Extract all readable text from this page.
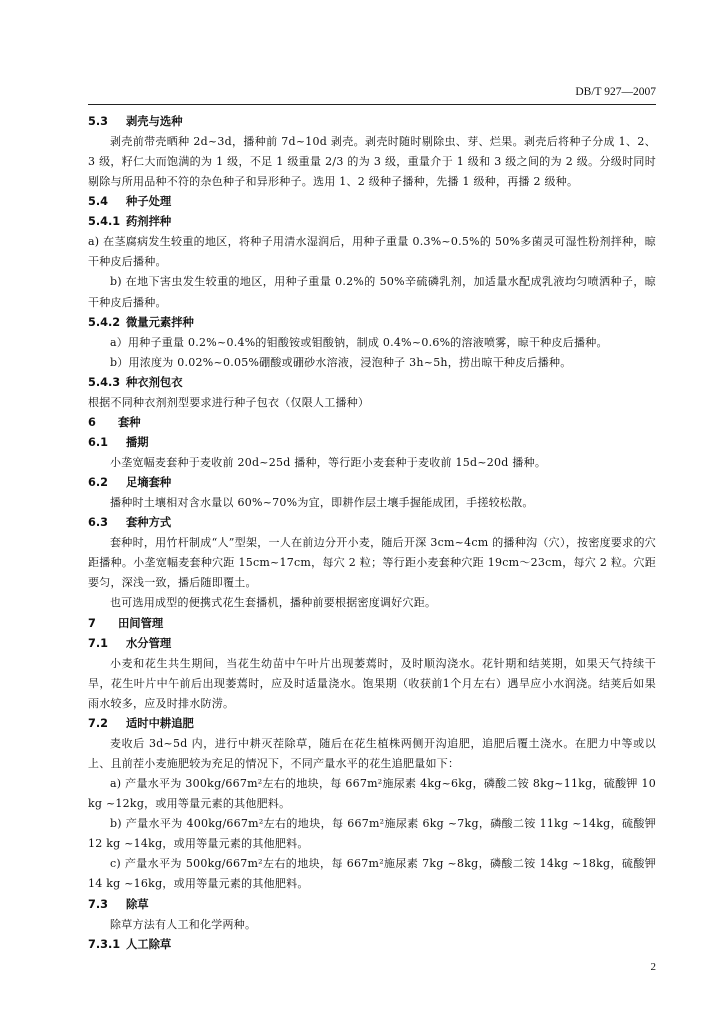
DB/T 927—2007
5.3 剥壳与选种

剥壳前带壳晒种 2d~3d，播种前 7d~10d 剥壳。剥壳时随时剔除虫、芽、烂果。剥壳后将种子分成 1、2、3 级，籽仁大而饱满的为 1 级，不足 1 级重量 2/3 的为 3 级，重量介于 1 级和 3 级之间的为 2 级。分级时同时剔除与所用品种不符的杂色种子和异形种子。选用 1、2 级种子播种，先播 1 级种，再播 2 级种。

5.4 种子处理
5.4.1 药剂拌种

a) 在茎腐病发生较重的地区，将种子用清水湿润后，用种子重量 0.3%~0.5%的 50%多菌灵可湿性粉剂拌种，晾干种皮后播种。

b) 在地下害虫发生较重的地区，用种子重量 0.2%的 50%辛硫磷乳剂，加适量水配成乳液均匀喷洒种子，晾干种皮后播种。

5.4.2 微量元素拌种

a）用种子重量 0.2%~0.4%的钼酸铵或钼酸钠，制成 0.4%~0.6%的溶液喷雾，晾干种皮后播种。

b）用浓度为 0.02%~0.05%硼酸或硼砂水溶液，浸泡种子 3h~5h，捞出晾干种皮后播种。

5.4.3 种衣剂包衣

根据不同种衣剂剂型要求进行种子包衣（仅限人工播种）

6 套种
6.1 播期

小垄宽幅麦套种于麦收前 20d~25d 播种，等行距小麦套种于麦收前 15d~20d 播种。

6.2 足墒套种

播种时土壤相对含水量以 60%~70%为宜，即耕作层土壤手握能成团，手搓较松散。

6.3 套种方式

套种时，用竹杆制成“人”型架，一人在前边分开小麦，随后开深 3cm~4cm 的播种沟（穴），按密度要求的穴距播种。小垄宽幅麦套种穴距 15cm~17cm，每穴 2 粒；等行距小麦套种穴距 19cm～23cm，每穴 2 粒。穴距要匀，深浅一致，播后随即覆土。

也可选用成型的便携式花生套播机，播种前要根据密度调好穴距。

7 田间管理
7.1 水分管理

小麦和花生共生期间，当花生幼苗中午叶片出现萎蔫时，及时顺沟浇水。花针期和结荚期，如果天气持续干旱，花生叶片中午前后出现萎蔫时，应及时适量浇水。饱果期（收获前1个月左右）遇旱应小水润浇。结荚后如果雨水较多，应及时排水防涝。

7.2 适时中耕追肥

麦收后 3d~5d 内，进行中耕灭茬除草，随后在花生植株两侧开沟追肥，追肥后覆土浇水。在肥力中等或以上、且前茬小麦施肥较为充足的情况下，不同产量水平的花生追肥量如下：

a) 产量水平为 300kg/667m²左右的地块，每 667m²施尿素 4kg~6kg，磷酸二铵 8kg~11kg，硫酸钾 10 kg ~12kg，或用等量元素的其他肥料。

b) 产量水平为 400kg/667m²左右的地块，每 667m²施尿素 6kg ~7kg，磷酸二铵 11kg ~14kg，硫酸钾 12 kg ~14kg，或用等量元素的其他肥料。

c) 产量水平为 500kg/667m²左右的地块，每 667m²施尿素 7kg ~8kg，磷酸二铵 14kg ~18kg，硫酸钾 14 kg ~16kg，或用等量元素的其他肥料。

7.3 除草

除草方法有人工和化学两种。

7.3.1 人工除草
2
